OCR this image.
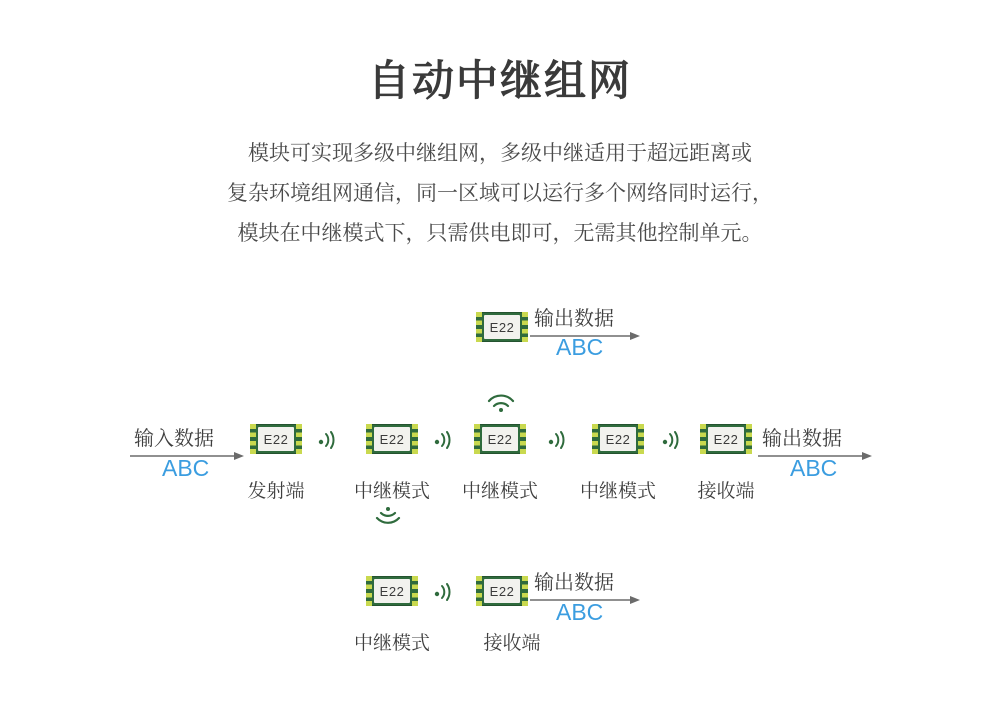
自动中继组网
模块可实现多级中继组网，多级中继适用于超远距离或
复杂环境组网通信，同一区域可以运行多个网络同时运行，
模块在中继模式下，只需供电即可，无需其他控制单元。
E22 输出数据
ABC
输入数据
ABC
E22
发射端
E22
中继模式
E22
中继模式
E22
中继模式
E22
接收端
输出数据
ABC
E22
中继模式
E22
接收端
输出数据
ABC
